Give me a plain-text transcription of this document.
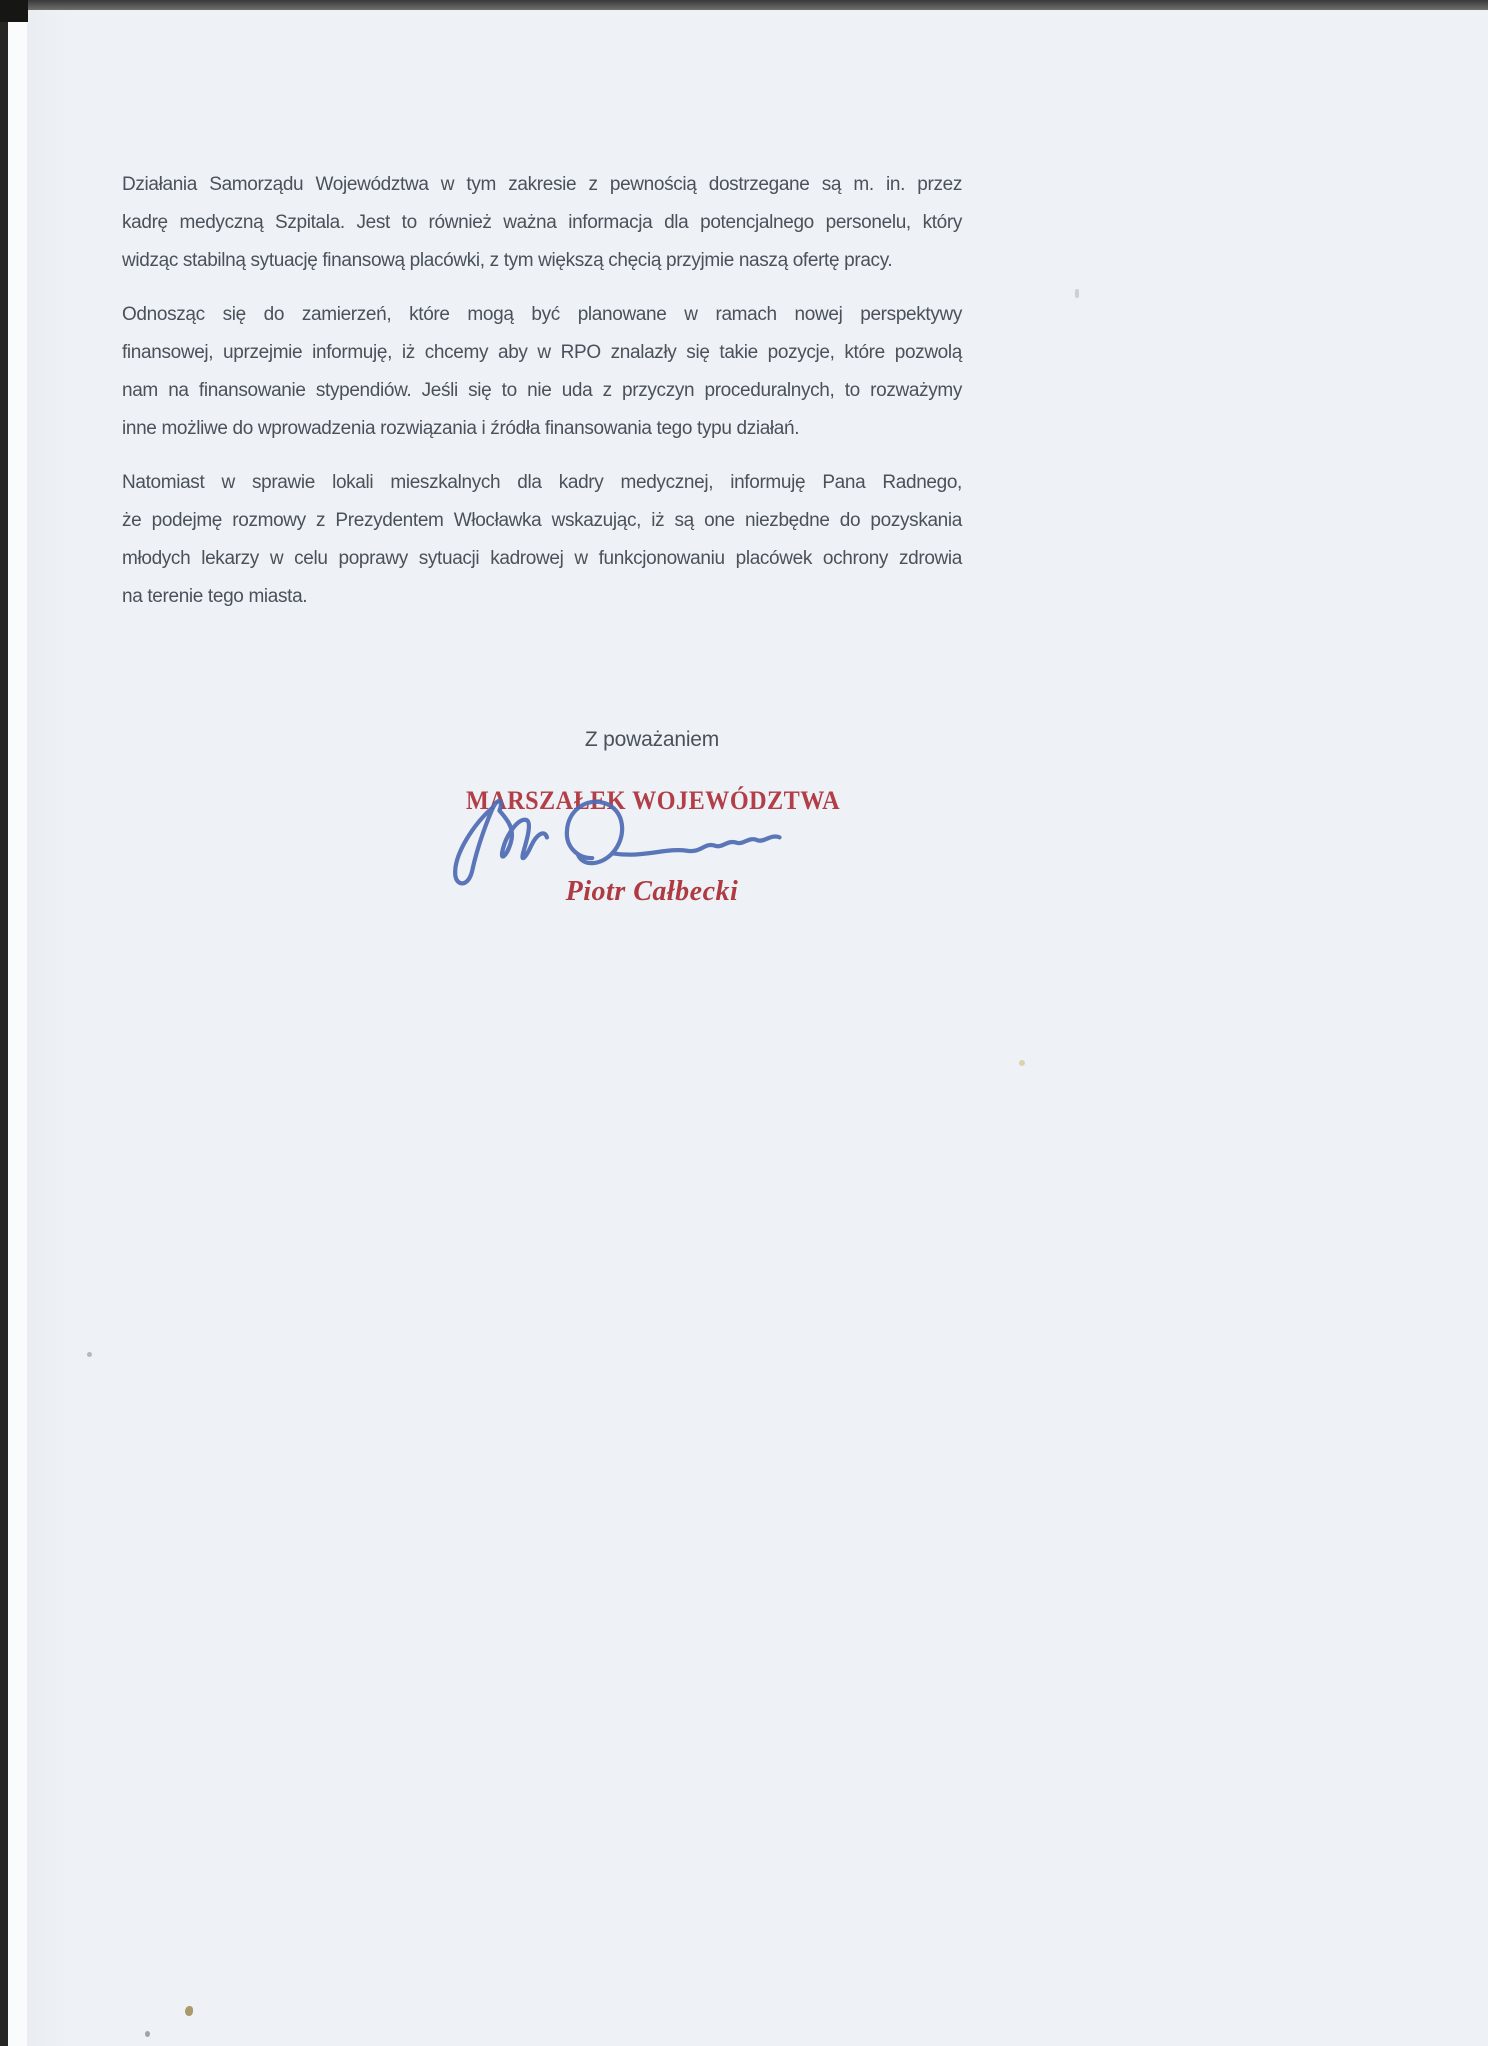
Działania Samorządu Województwa w tym zakresie z pewnością dostrzegane są m. in. przez
kadrę medyczną Szpitala. Jest to również ważna informacja dla potencjalnego personelu, który
widząc stabilną sytuację finansową placówki, z tym większą chęcią przyjmie naszą ofertę pracy.
Odnosząc się do zamierzeń, które mogą być planowane w ramach nowej perspektywy
finansowej, uprzejmie informuję, iż chcemy aby w RPO znalazły się takie pozycje, które pozwolą
nam na finansowanie stypendiów. Jeśli się to nie uda z przyczyn proceduralnych, to rozważymy
inne możliwe do wprowadzenia rozwiązania i źródła finansowania tego typu działań.
Natomiast w sprawie lokali mieszkalnych dla kadry medycznej, informuję Pana Radnego,
że podejmę rozmowy z Prezydentem Włocławka wskazując, iż są one niezbędne do pozyskania
młodych lekarzy w celu poprawy sytuacji kadrowej w funkcjonowaniu placówek ochrony zdrowia
na terenie tego miasta.
Z poważaniem
MARSZAŁEK WOJEWÓDZTWA
Piotr Całbecki
